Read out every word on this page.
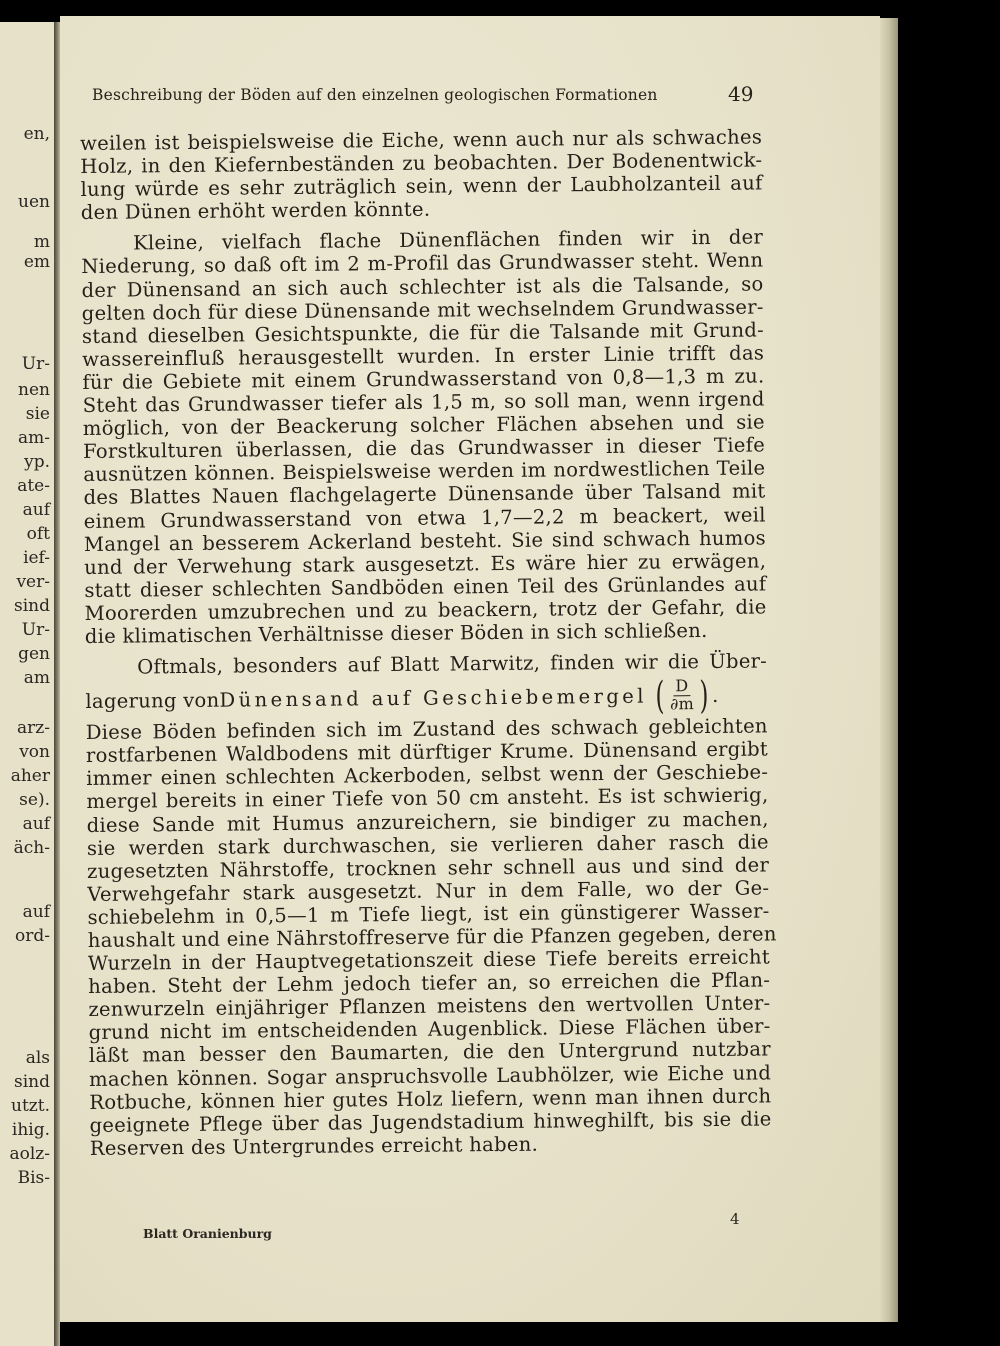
en,
uen
m
em
Ur-
nen
sie
am-
yp.
ate-
auf
oft
ief-
ver-
sind
Ur-
gen
am
arz-
von
aher
se).
auf
äch-
auf
ord-
als
sind
utzt.
ihig.
aolz-
Bis-
Beschreibung der Böden auf den einzelnen geologischen Formationen	49
weilen ist beispielsweise die Eiche, wenn auch nur als schwaches
Holz, in den Kiefernbeständen zu beobachten. Der Bodenentwick-
lung würde es sehr zuträglich sein, wenn der Laubholzanteil auf
den Dünen erhöht werden könnte.
Kleine, vielfach flache Dünenflächen finden wir in der
Niederung, so daß oft im 2 m-Profil das Grundwasser steht. Wenn
der Dünensand an sich auch schlechter ist als die Talsande, so
gelten doch für diese Dünensande mit wechselndem Grundwasser-
stand dieselben Gesichtspunkte, die für die Talsande mit Grund-
wassereinfluß herausgestellt wurden. In erster Linie trifft das
für die Gebiete mit einem Grundwasserstand von 0,8—1,3 m zu.
Steht das Grundwasser tiefer als 1,5 m, so soll man, wenn irgend
möglich, von der Beackerung solcher Flächen absehen und sie
Forstkulturen überlassen, die das Grundwasser in dieser Tiefe
ausnützen können. Beispielsweise werden im nordwestlichen Teile
des Blattes Nauen flachgelagerte Dünensande über Talsand mit
einem Grundwasserstand von etwa 1,7—2,2 m beackert, weil
Mangel an besserem Ackerland besteht. Sie sind schwach humos
und der Verwehung stark ausgesetzt. Es wäre hier zu erwägen,
statt dieser schlechten Sandböden einen Teil des Grünlandes auf
Moorerden umzubrechen und zu beackern, trotz der Gefahr, die
die klimatischen Verhältnisse dieser Böden in sich schließen.
Oftmals, besonders auf Blatt Marwitz, finden wir die Über-
lagerung von Dünensand auf Geschiebemergel ( $\frac{D}{\partial m}$ ) .
Diese Böden befinden sich im Zustand des schwach gebleichten
rostfarbenen Waldbodens mit dürftiger Krume. Dünensand ergibt
immer einen schlechten Ackerboden, selbst wenn der Geschiebe-
mergel bereits in einer Tiefe von 50 cm ansteht. Es ist schwierig,
diese Sande mit Humus anzureichern, sie bindiger zu machen,
sie werden stark durchwaschen, sie verlieren daher rasch die
zugesetzten Nährstoffe, trocknen sehr schnell aus und sind der
Verwehgefahr stark ausgesetzt. Nur in dem Falle, wo der Ge-
schiebelehm in 0,5—1 m Tiefe liegt, ist ein günstigerer Wasser-
haushalt und eine Nährstoffreserve für die Pfanzen gegeben, deren
Wurzeln in der Hauptvegetationszeit diese Tiefe bereits erreicht
haben. Steht der Lehm jedoch tiefer an, so erreichen die Pflan-
zenwurzeln einjähriger Pflanzen meistens den wertvollen Unter-
grund nicht im entscheidenden Augenblick. Diese Flächen über-
läßt man besser den Baumarten, die den Untergrund nutzbar
machen können. Sogar anspruchsvolle Laubhölzer, wie Eiche und
Rotbuche, können hier gutes Holz liefern, wenn man ihnen durch
geeignete Pflege über das Jugendstadium hinweghilft, bis sie die
Reserven des Untergrundes erreicht haben.
Blatt Oranienburg
4
